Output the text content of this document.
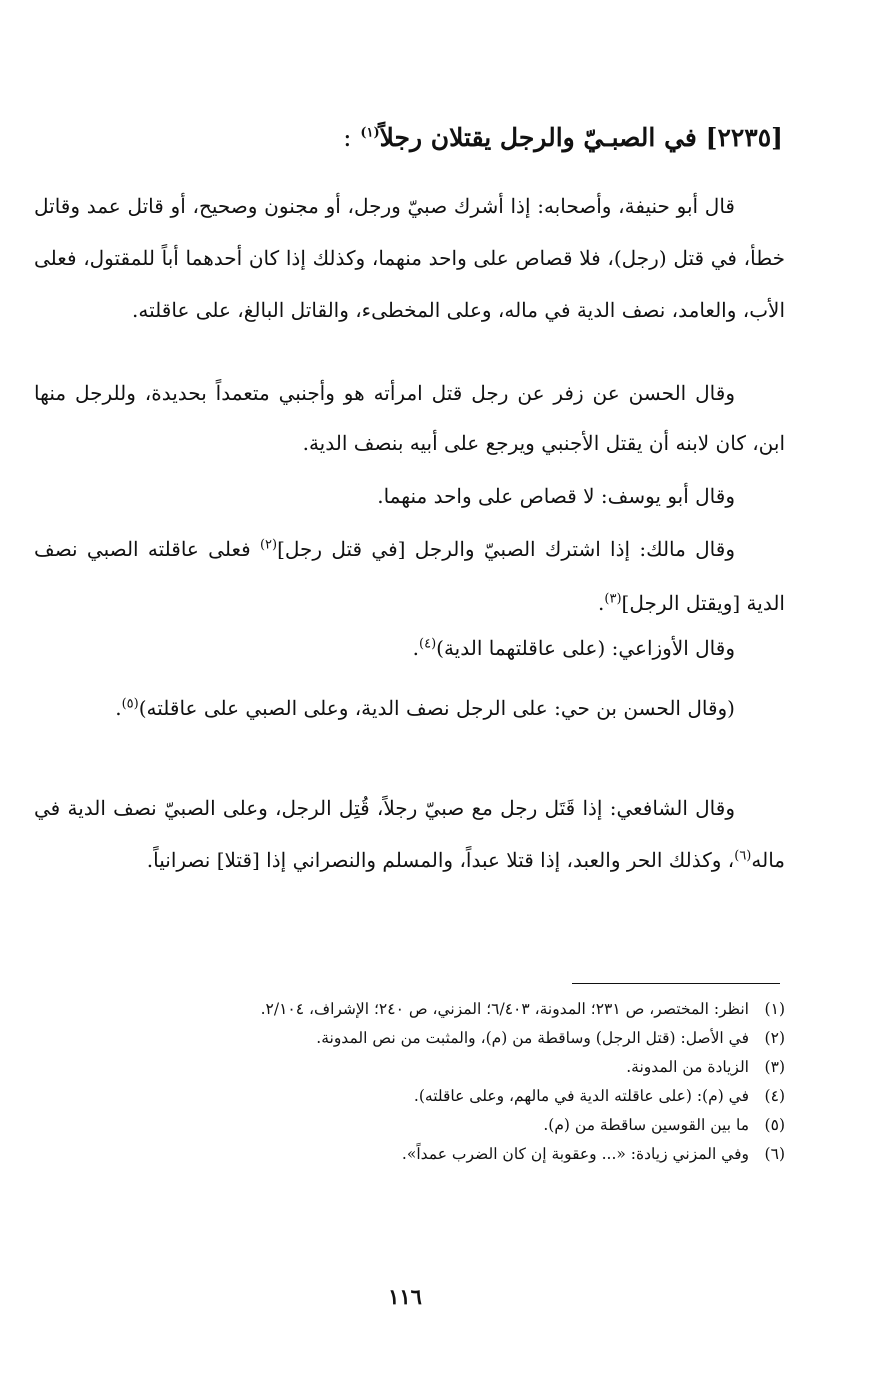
[٢٢٣٥] في الصبـيّ والرجل يقتلان رجلاً$^{(١)}$ :

قال أبو حنيفة، وأصحابه: إذا أشرك صبيّ ورجل، أو مجنون وصحيح، أو قاتل عمد وقاتل خطأ، في قتل (رجل)، فلا قصاص على واحد منهما، وكذلك إذا كان أحدهما أباً للمقتول، فعلى الأب، والعامد، نصف الدية في ماله، وعلى المخطىء، والقاتل البالغ، على عاقلته.

وقال الحسن عن زفر عن رجل قتل امرأته هو وأجنبي متعمداً بحديدة، وللرجل منها ابن، كان لابنه أن يقتل الأجنبي ويرجع على أبيه بنصف الدية.

وقال أبو يوسف: لا قصاص على واحد منهما.

وقال مالك: إذا اشترك الصبيّ والرجل [في قتل رجل]$^{(٢)}$ فعلى عاقلته الصبي نصف الدية [ويقتل الرجل]$^{(٣)}$.

وقال الأوزاعي: (على عاقلتهما الدية)$^{(٤)}$.

(وقال الحسن بن حي: على الرجل نصف الدية، وعلى الصبي على عاقلته)$^{(٥)}$.

وقال الشافعي: إذا قَتَل رجل مع صبيّ رجلاً، قُتِل الرجل، وعلى الصبيّ نصف الدية في ماله$^{(٦)}$، وكذلك الحر والعبد، إذا قتلا عبداً، والمسلم والنصراني إذا [قتلا] نصرانياً.

(١)
انظر: المختصر، ص ٢٣١؛ المدونة، ٦/٤٠٣؛ المزني، ص ٢٤٠؛ الإشراف، ٢/١٠٤.
(٢)
في الأصل: (قتل الرجل) وساقطة من (م)، والمثبت من نص المدونة.
(٣)
الزيادة من المدونة.
(٤)
في (م): (على عاقلته الدية في مالهم، وعلى عاقلته).
(٥)
ما بين القوسين ساقطة من (م).
(٦)
وفي المزني زيادة: «... وعقوبة إن كان الضرب عمداً».
١١٦
